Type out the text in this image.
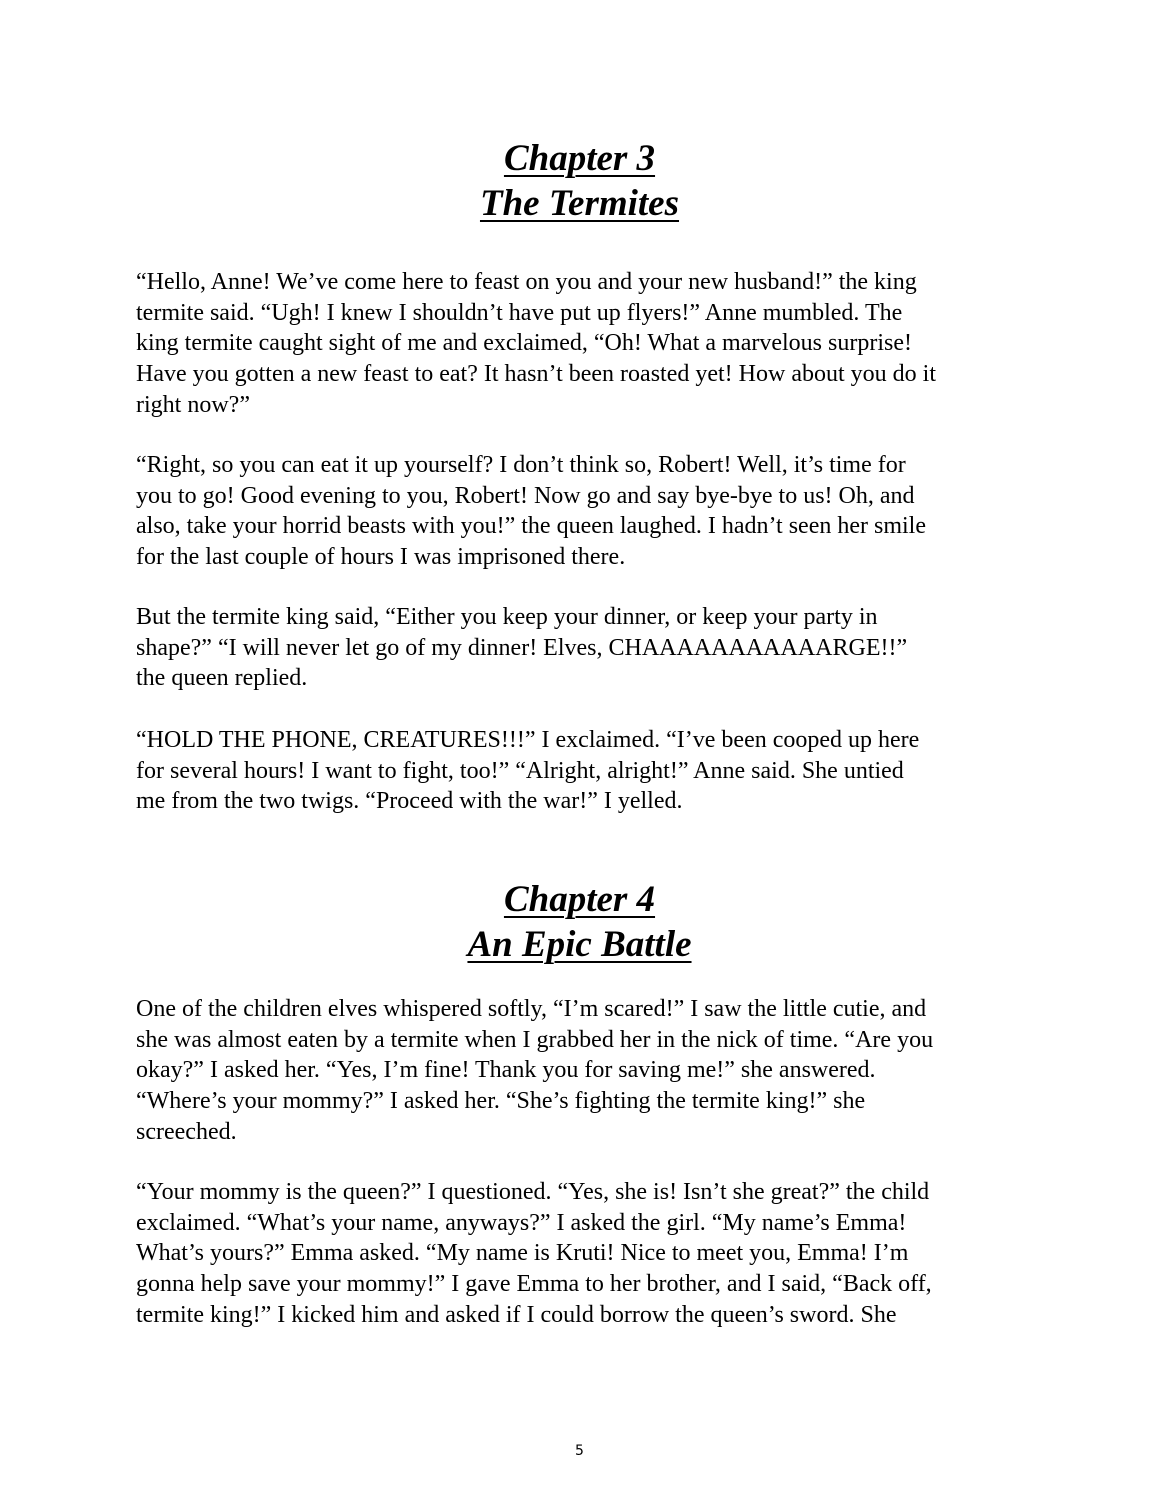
Chapter 3
The Termites

“Hello, Anne! We’ve come here to feast on you and your new husband!” the king
termite said. “Ugh! I knew I shouldn’t have put up flyers!” Anne mumbled. The
king termite caught sight of me and exclaimed, “Oh! What a marvelous surprise!
Have you gotten a new feast to eat? It hasn’t been roasted yet! How about you do it
right now?”

“Right, so you can eat it up yourself? I don’t think so, Robert! Well, it’s time for
you to go! Good evening to you, Robert! Now go and say bye-bye to us! Oh, and
also, take your horrid beasts with you!” the queen laughed. I hadn’t seen her smile
for the last couple of hours I was imprisoned there.

But the termite king said, “Either you keep your dinner, or keep your party in
shape?” “I will never let go of my dinner! Elves, CHAAAAAAAAAAARGE!!”
the queen replied.

“HOLD THE PHONE, CREATURES!!!” I exclaimed. “I’ve been cooped up here
for several hours! I want to fight, too!” “Alright, alright!” Anne said. She untied
me from the two twigs. “Proceed with the war!” I yelled.

Chapter 4
An Epic Battle

One of the children elves whispered softly, “I’m scared!” I saw the little cutie, and
she was almost eaten by a termite when I grabbed her in the nick of time. “Are you
okay?” I asked her. “Yes, I’m fine! Thank you for saving me!” she answered.
“Where’s your mommy?” I asked her. “She’s fighting the termite king!” she
screeched.

“Your mommy is the queen?” I questioned. “Yes, she is! Isn’t she great?” the child
exclaimed. “What’s your name, anyways?” I asked the girl. “My name’s Emma!
What’s yours?” Emma asked. “My name is Kruti! Nice to meet you, Emma! I’m
gonna help save your mommy!” I gave Emma to her brother, and I said, “Back off,
termite king!” I kicked him and asked if I could borrow the queen’s sword. She

5
